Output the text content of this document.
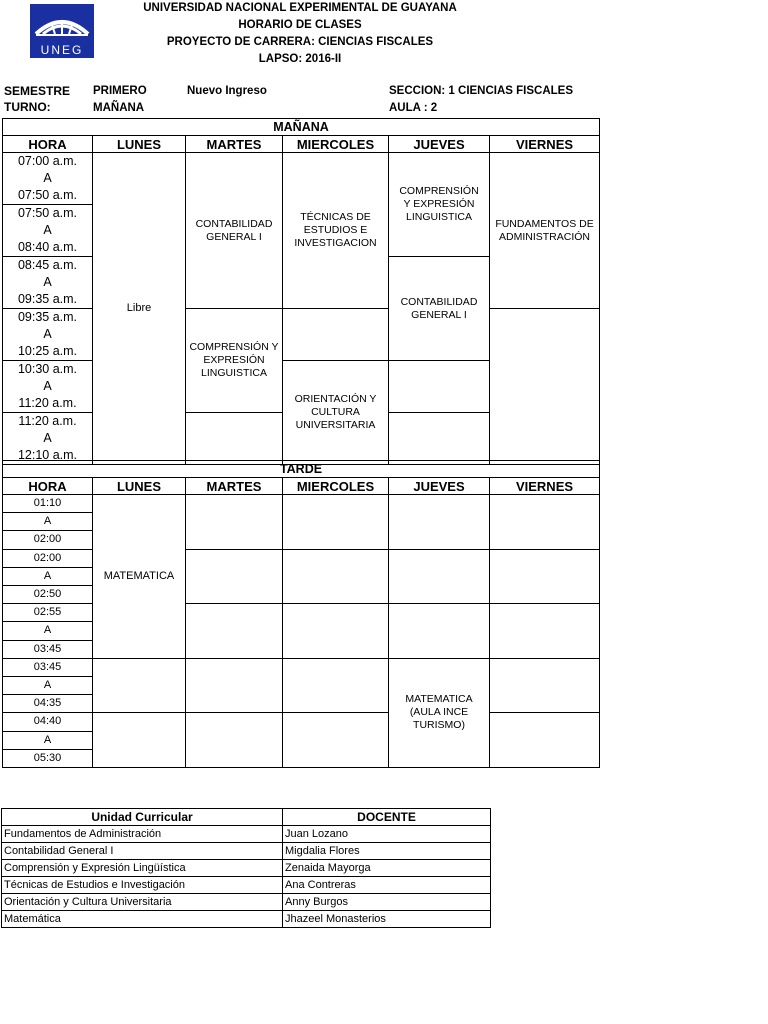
UNEG
UNIVERSIDAD NACIONAL EXPERIMENTAL DE GUAYANA
HORARIO DE CLASES
PROYECTO DE CARRERA: CIENCIAS FISCALES
LAPSO: 2016-II
SEMESTRE PRIMERO	Nuevo Ingreso
TURNO:	MAÑANA
SECCION: 1 CIENCIAS FISCALES
AULA : 2
MAÑANA					
HORA	LUNES	MARTES	MIERCOLES	JUEVES	VIERNES

07:00 a.m.
A
07:50 a.m.	Libre	CONTABILIDAD GENERAL I	TÉCNICAS DE ESTUDIOS E INVESTIGACION	COMPRENSIÓN Y EXPRESIÓN LINGUISTICA	FUNDAMENTOS DE ADMINISTRACIÓN

07:50 a.m.
A
08:40 a.m.					

08:45 a.m.
A
09:35 a.m.				CONTABILIDAD GENERAL I	

09:35 a.m.
A
10:25 a.m.		COMPRENSIÓN Y EXPRESIÓN LINGUISTICA			

10:30 a.m.
A
11:20 a.m.			ORIENTACIÓN Y CULTURA UNIVERSITARIA		

11:20 a.m.
A
12:10 a.m.					

TARDE					
HORA	LUNES	MARTES	MIERCOLES	JUEVES	VIERNES

01:10
A
02:00	MATEMATICA				

02:00
A
02:50					

02:55
A
03:45					

03:45
A
04:35				MATEMATICA (AULA INCE TURISMO)	

04:40
A
05:30					

Unidad Curricular	DOCENTE
Fundamentos de Administración	Juan Lozano
Contabilidad General I	Migdalia Flores
Comprensión y Expresión Lingüística	Zenaida Mayorga
Técnicas de Estudios e Investigación	Ana Contreras
Orientación y Cultura Universitaria	Anny Burgos
Matemática	Jhazeel Monasterios
